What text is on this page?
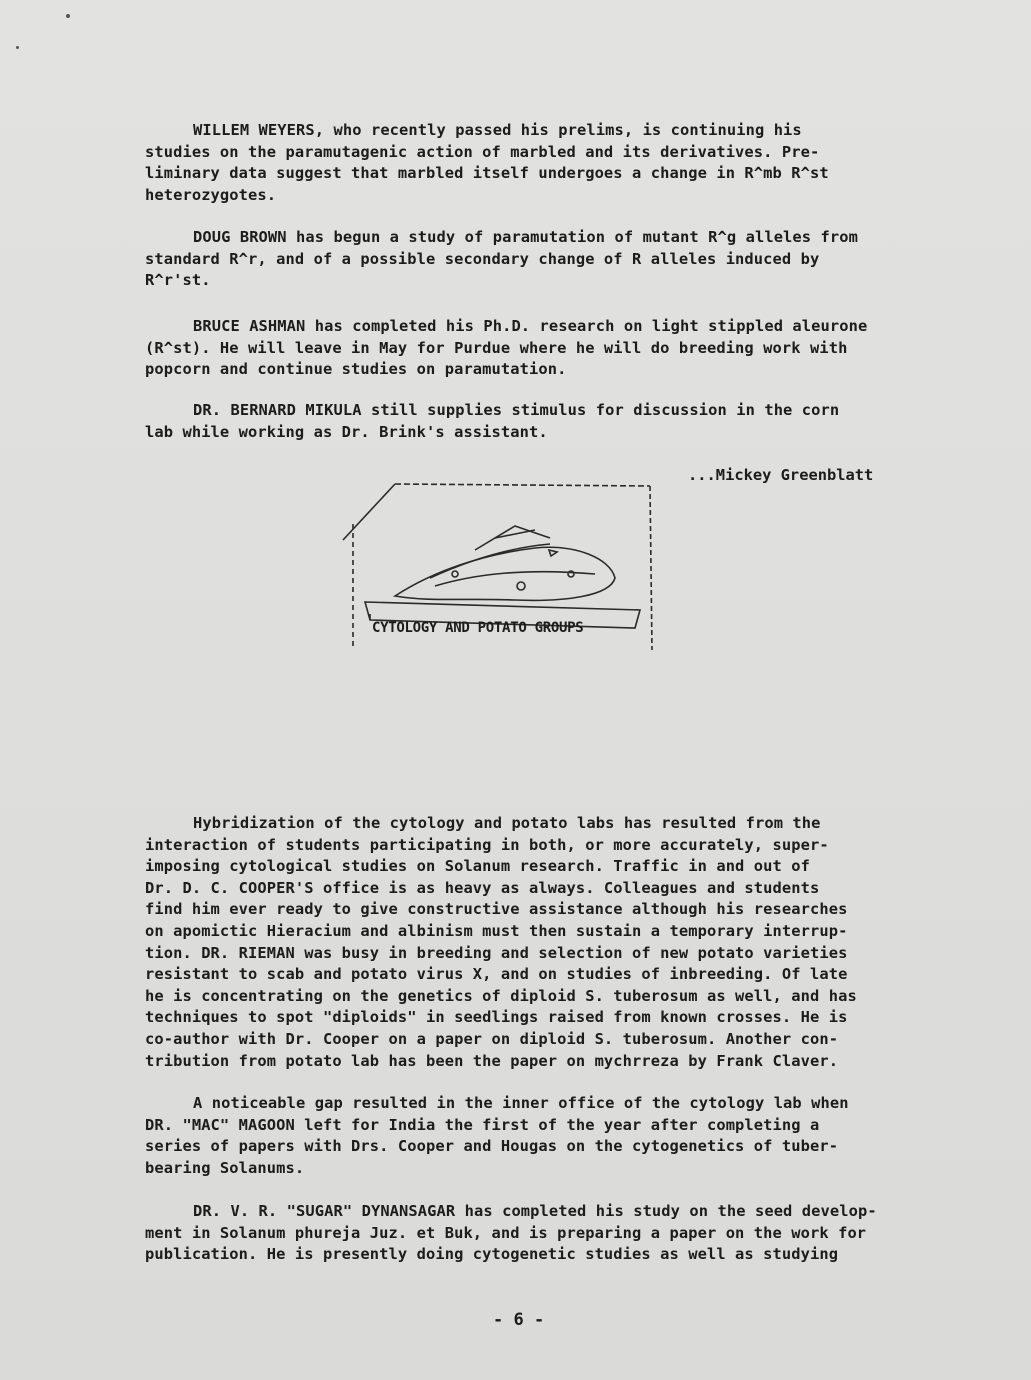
WILLEM WEYERS, who recently passed his prelims, is continuing his
studies on the paramutagenic action of marbled and its derivatives. Pre-
liminary data suggest that marbled itself undergoes a change in R^mb R^st
heterozygotes.
DOUG BROWN has begun a study of paramutation of mutant R^g alleles from
standard R^r, and of a possible secondary change of R alleles induced by
R^r'st.
BRUCE ASHMAN has completed his Ph.D. research on light stippled aleurone
(R^st). He will leave in May for Purdue where he will do breeding work with
popcorn and continue studies on paramutation.
DR. BERNARD MIKULA still supplies stimulus for discussion in the corn
lab while working as Dr. Brink's assistant.
...Mickey Greenblatt
CYTOLOGY AND POTATO GROUPS
Hybridization of the cytology and potato labs has resulted from the
interaction of students participating in both, or more accurately, super-
imposing cytological studies on Solanum research. Traffic in and out of
Dr. D. C. COOPER'S office is as heavy as always. Colleagues and students
find him ever ready to give constructive assistance although his researches
on apomictic Hieracium and albinism must then sustain a temporary interrup-
tion. DR. RIEMAN was busy in breeding and selection of new potato varieties
resistant to scab and potato virus X, and on studies of inbreeding. Of late
he is concentrating on the genetics of diploid S. tuberosum as well, and has
techniques to spot "diploids" in seedlings raised from known crosses. He is
co-author with Dr. Cooper on a paper on diploid S. tuberosum. Another con-
tribution from potato lab has been the paper on mychrreza by Frank Claver.
A noticeable gap resulted in the inner office of the cytology lab when
DR. "MAC" MAGOON left for India the first of the year after completing a
series of papers with Drs. Cooper and Hougas on the cytogenetics of tuber-
bearing Solanums.
DR. V. R. "SUGAR" DYNANSAGAR has completed his study on the seed develop-
ment in Solanum phureja Juz. et Buk, and is preparing a paper on the work for
publication. He is presently doing cytogenetic studies as well as studying
- 6 -
